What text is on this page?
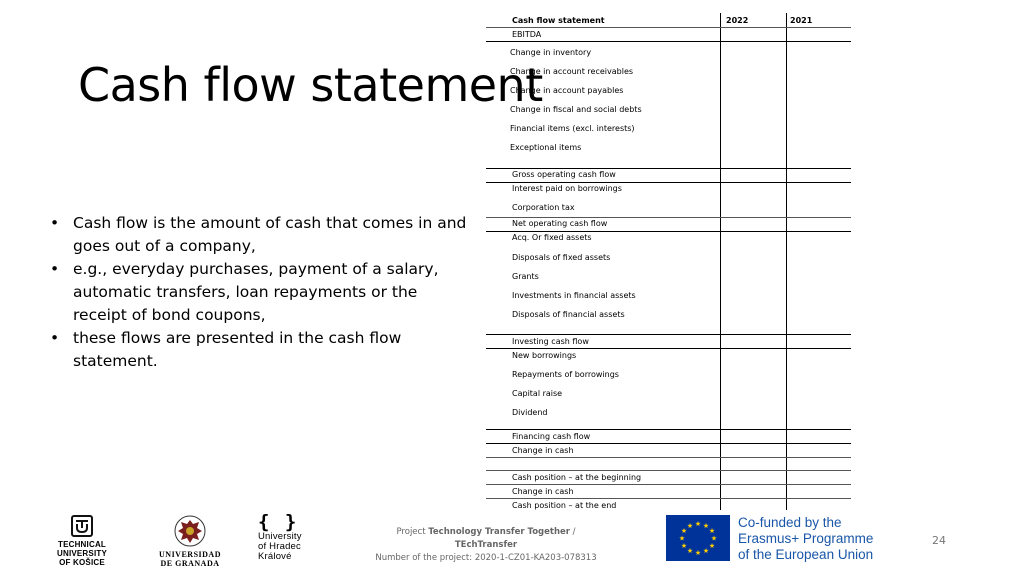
Cash flow statement
• Cash flow is the amount of cash that comes in and goes out of a company,
• e.g., everyday purchases, payment of a salary, automatic transfers, loan repayments or the receipt of bond coupons,
• these flows are presented in the cash flow statement.
Cash flow statement	2022	2021
EBITDA
Change in inventory
Change in account receivables
Change in account payables
Change in fiscal and social debts
Financial items (excl. interests)
Exceptional items
Gross operating cash flow
Interest paid on borrowings
Corporation tax
Net operating cash flow
Acq. Or fixed assets
Disposals of fixed assets
Grants
Investments in financial assets
Disposals of financial assets
Investing cash flow
New borrowings
Repayments of borrowings
Capital raise
Dividend
Financing cash flow
Change in cash
Cash position – at the beginning
Change in cash
Cash position – at the end
TECHNICAL UNIVERSITY
OF KOŠICE
UNIVERSIDAD
DE GRANADA
{ }
University
of Hradec
Králové
Project Technology Transfer Together / TEchTransfer
Number of the project: 2020-1-CZ01-KA203-078313
★ ★
★
★
★
★
★
★
★
★
★
★	Co-funded by the
Erasmus+ Programme
of the European Union
24
